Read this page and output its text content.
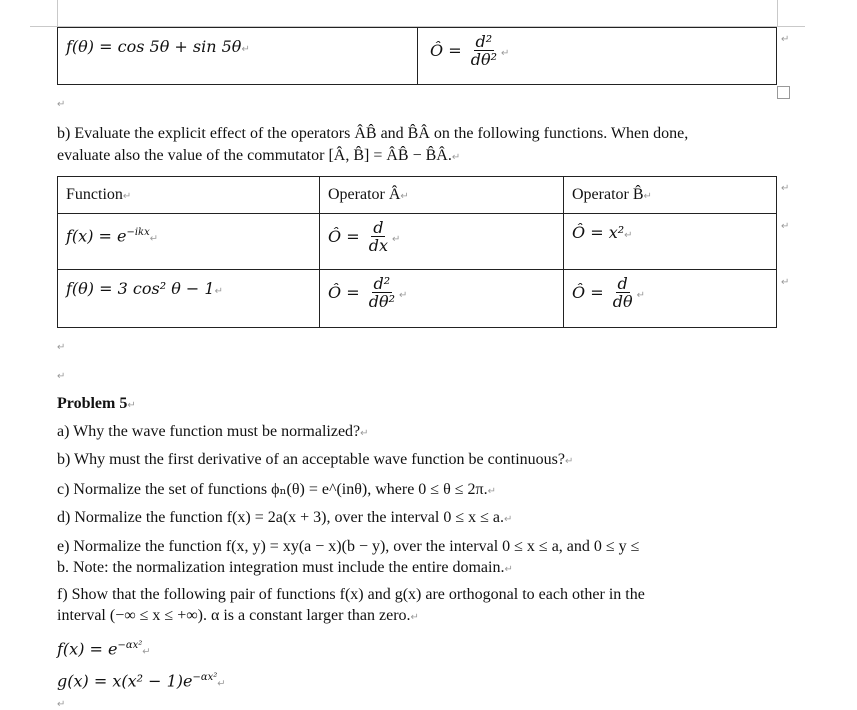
f(θ) = cos 5θ + sin 5θ↵	Ô = $\frac{\text{d²}}{\text{dθ²}}$ ↵
↵
↵
b) Evaluate the explicit effect of the operators ÂB̂ and B̂Â on the following functions. When done,
evaluate also the value of the commutator [Â, B̂] = ÂB̂ − B̂Â.↵
Function↵	Operator Â↵	Operator B̂↵

$f(x) = e^{-ikx}↵$	Ô = $\frac{d}{dx}$ ↵	Ô = x²↵

f(θ) = 3 cos² θ − 1↵	Ô = $\frac{\text{d²}}{\text{dθ²}}$ ↵	Ô = $\frac{d}{d\theta}$ ↵
↵
↵
↵
↵
↵
Problem 5↵
a) Why the wave function must be normalized?↵
b) Why must the first derivative of an acceptable wave function be continuous?↵
c) Normalize the set of functions ϕₙ(θ) = e^(inθ), where 0 ≤ θ ≤ 2π.↵
d) Normalize the function f(x) = 2a(x + 3), over the interval 0 ≤ x ≤ a.↵
e) Normalize the function f(x, y) = xy(a − x)(b − y), over the interval 0 ≤ x ≤ a, and 0 ≤ y ≤
b. Note: the normalization integration must include the entire domain.↵
f) Show that the following pair of functions f(x) and g(x) are orthogonal to each other in the
interval (−∞ ≤ x ≤ +∞). α is a constant larger than zero.↵
$f(x) = e^{-\alpha x^2}↵$
$g(x) = x(x^2 - 1)e^{-\alpha x^2}↵$
↵
